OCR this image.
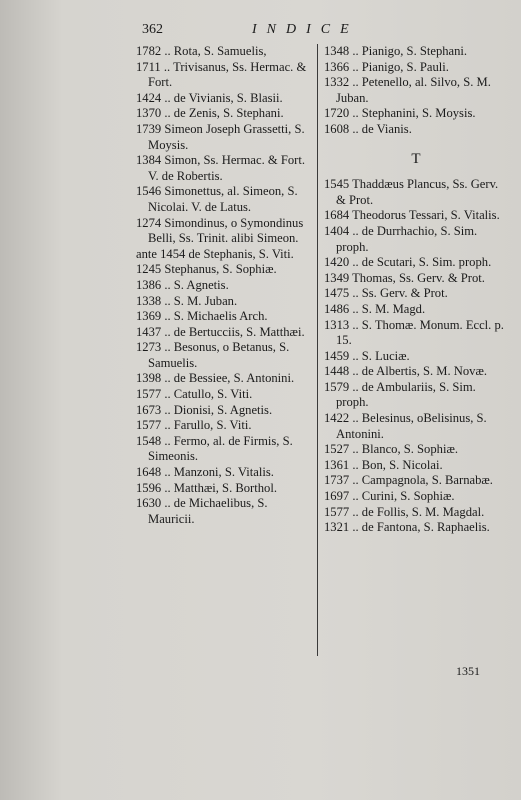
362	INDICE

1782 .. Rota, S. Samuelis,

1711 .. Trivisanus, Ss. Hermac. & Fort.

1424 .. de Vivianis, S. Blasii.

1370 .. de Zenis, S. Stephani.

1739 Simeon Joseph Grassetti, S. Moysis.

1384 Simon, Ss. Hermac. & Fort. V. de Robertis.

1546 Simonettus, al. Simeon, S. Nicolai. V. de Latus.

1274 Simondinus, o Symondinus Belli, Ss. Trinit. alibi Simeon.

ante 1454 de Stephanis, S. Viti.

1245 Stephanus, S. Sophiæ.

1386 .. S. Agnetis.

1338 .. S. M. Juban.

1369 .. S. Michaelis Arch.

1437 .. de Bertucciis, S. Matthæi.

1273 .. Besonus, o Betanus, S. Samuelis.

1398 .. de Bessiee, S. Antonini.

1577 .. Catullo, S. Viti.

1673 .. Dionisi, S. Agnetis.

1577 .. Farullo, S. Viti.

1548 .. Fermo, al. de Firmis, S. Simeonis.

1648 .. Manzoni, S. Vitalis.

1596 .. Matthæi, S. Borthol.

1630 .. de Michaelibus, S. Mauricii.

1348 .. Pianigo, S. Stephani.

1366 .. Pianigo, S. Pauli.

1332 .. Petenello, al. Silvo, S. M. Juban.

1720 .. Stephanini, S. Moysis.

1608 .. de Vianis.

T

1545 Thaddæus Plancus, Ss. Gerv. & Prot.

1684 Theodorus Tessari, S. Vitalis.

1404 .. de Durrhachio, S. Sim. proph.

1420 .. de Scutari, S. Sim. proph.

1349 Thomas, Ss. Gerv. & Prot.

1475 .. Ss. Gerv. & Prot.

1486 .. S. M. Magd.

1313 .. S. Thomæ. Monum. Eccl. p. 15.

1459 .. S. Luciæ.

1448 .. de Albertis, S. M. Novæ.

1579 .. de Ambulariis, S. Sim. proph.

1422 .. Belesinus, oBelisinus, S. Antonini.

1527 .. Blanco, S. Sophiæ.

1361 .. Bon, S. Nicolai.

1737 .. Campagnola, S. Barnabæ.

1697 .. Curini, S. Sophiæ.

1577 .. de Follis, S. M. Magdal.

1321 .. de Fantona, S. Raphaelis.

1351
